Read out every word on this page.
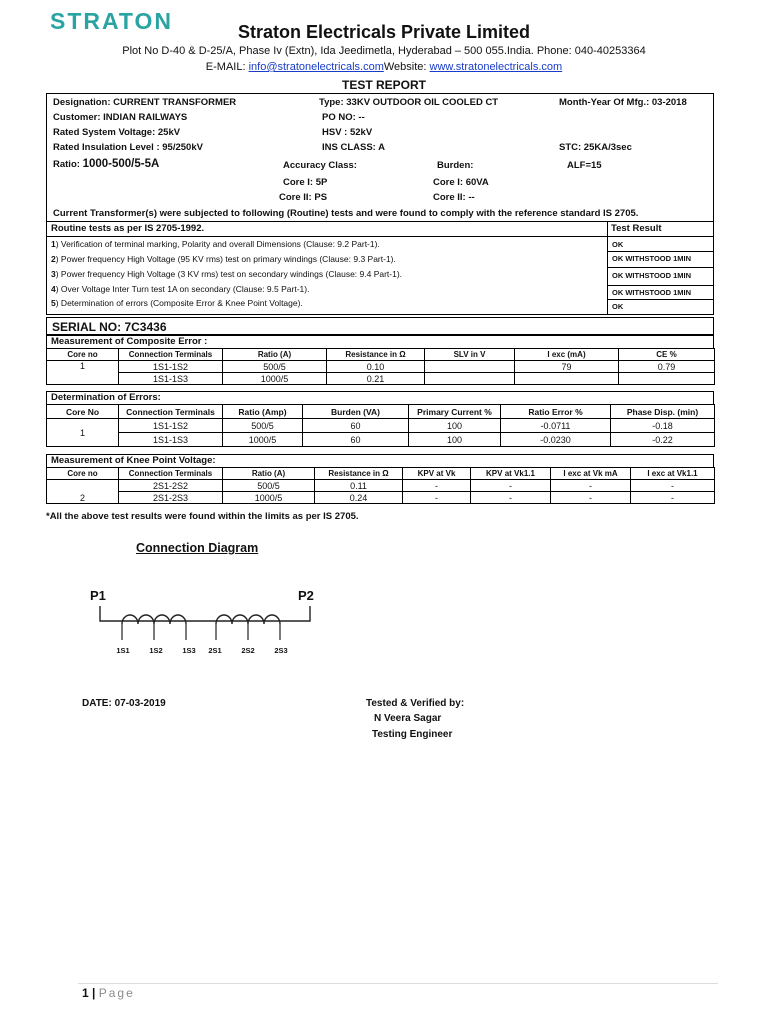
STRATON	Straton Electricals Private Limited
Plot No D-40 & D-25/A, Phase Iv (Extn), Ida Jeedimetla, Hyderabad – 500 055.India. Phone: 040-40253364
E-MAIL: info@stratonelectricals.comWebsite: www.stratonelectricals.com
TEST REPORT
Designation: CURRENT TRANSFORMER	Type: 33KV OUTDOOR OIL COOLED CT	Month-Year Of Mfg.: 03-2018
Customer: INDIAN RAILWAYS	PO NO: --
Rated System Voltage: 25kV	HSV : 52kV
Rated Insulation Level : 95/250kV	INS CLASS: A	STC: 25KA/3sec
Ratio: 1000-500/5-5A	Accuracy Class:	Burden:	ALF=15
Core I: 5P	Core I: 60VA
Core II: PS	Core II: --
Current Transformer(s) were subjected to following (Routine) tests and were found to comply with the reference standard IS 2705.
Routine tests as per IS 2705-1992.	Test Result
1) Verification of terminal marking, Polarity and overall Dimensions (Clause: 9.2 Part-1).	OK
2) Power frequency High Voltage (95 KV rms) test on primary windings (Clause: 9.3 Part-1).	OK WITHSTOOD 1MIN
3) Power frequency High Voltage (3 KV rms) test on secondary windings (Clause: 9.4 Part-1).	OK WITHSTOOD 1MIN
4) Over Voltage Inter Turn test 1A on secondary (Clause: 9.5 Part-1).	OK WITHSTOOD 1MIN
5) Determination of errors (Composite Error & Knee Point Voltage).	OK
SERIAL NO: 7C3436
Measurement of Composite Error :
Core no	Connection Terminals	Ratio (A)	Resistance in Ω	SLV in V	I exc (mA)	CE %
1	1S1-1S2	500/5	0.10		79	0.79
	1S1-1S3	1000/5	0.21			
Determination of Errors:
Core No	Connection Terminals	Ratio (Amp)	Burden (VA)	Primary Current %	Ratio Error %	Phase Disp. (min)
1	1S1-1S2	500/5	60	100	-0.0711	-0.18
	1S1-1S3	1000/5	60	100	-0.0230	-0.22
Measurement of Knee Point Voltage:
Core no	Connection Terminals	Ratio (A)	Resistance in Ω	KPV at Vk	KPV at Vk1.1	I exc at Vk mA	I exc at Vk1.1
2	2S1-2S2	500/5	0.11	-	-	-	-
	2S1-2S3	1000/5	0.24	-	-	-	-
*All the above test results were found within the limits as per IS 2705.
Connection Diagram
P1	P2
1S1	1S2	1S3 2S1	2S2	2S3
DATE: 07-03-2019	Tested & Verified by:
N Veera Sagar
Testing Engineer
1 | Page
